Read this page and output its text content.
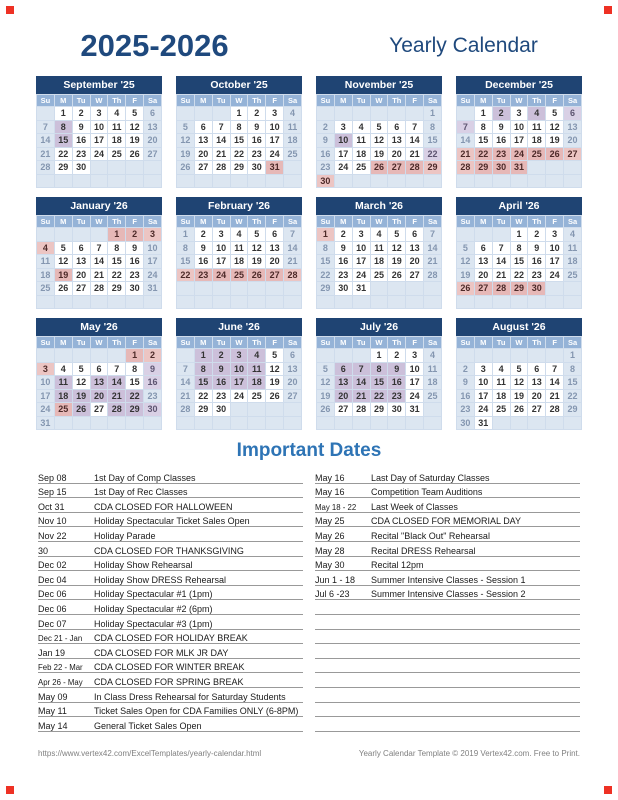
2025-2026	Yearly Calendar
September '25
Su	M	Tu	W	Th	F	Sa
	1	2	3	4	5	6
7	8	9	10	11	12	13
14	15	16	17	18	19	20
21	22	23	24	25	26	27
28	29	30				

October '25
Su	M	Tu	W	Th	F	Sa
			1	2	3	4
5	6	7	8	9	10	11
12	13	14	15	16	17	18
19	20	21	22	23	24	25
26	27	28	29	30	31	

November '25
Su	M	Tu	W	Th	F	Sa
						1
2	3	4	5	6	7	8
9	10	11	12	13	14	15
16	17	18	19	20	21	22
23	24	25	26	27	28	29
30						
December '25
Su	M	Tu	W	Th	F	Sa
	1	2	3	4	5	6
7	8	9	10	11	12	13
14	15	16	17	18	19	20
21	22	23	24	25	26	27
28	29	30	31			

January '26
Su	M	Tu	W	Th	F	Sa
				1	2	3
4	5	6	7	8	9	10
11	12	13	14	15	16	17
18	19	20	21	22	23	24
25	26	27	28	29	30	31

February '26
Su	M	Tu	W	Th	F	Sa
1	2	3	4	5	6	7
8	9	10	11	12	13	14
15	16	17	18	19	20	21
22	23	24	25	26	27	28

March '26
Su	M	Tu	W	Th	F	Sa
1	2	3	4	5	6	7
8	9	10	11	12	13	14
15	16	17	18	19	20	21
22	23	24	25	26	27	28
29	30	31				

April '26
Su	M	Tu	W	Th	F	Sa
			1	2	3	4
5	6	7	8	9	10	11
12	13	14	15	16	17	18
19	20	21	22	23	24	25
26	27	28	29	30		

May '26
Su	M	Tu	W	Th	F	Sa
					1	2
3	4	5	6	7	8	9
10	11	12	13	14	15	16
17	18	19	20	21	22	23
24	25	26	27	28	29	30
31						
June '26
Su	M	Tu	W	Th	F	Sa
	1	2	3	4	5	6
7	8	9	10	11	12	13
14	15	16	17	18	19	20
21	22	23	24	25	26	27
28	29	30				

July '26
Su	M	Tu	W	Th	F	Sa
			1	2	3	4
5	6	7	8	9	10	11
12	13	14	15	16	17	18
19	20	21	22	23	24	25
26	27	28	29	30	31	

August '26
Su	M	Tu	W	Th	F	Sa
						1
2	3	4	5	6	7	8
9	10	11	12	13	14	15
16	17	18	19	20	21	22
23	24	25	26	27	28	29
30	31					
Important Dates
Sep 08	1st Day of Comp Classes
Sep 15	1st Day of Rec Classes
Oct 31	CDA CLOSED FOR HALLOWEEN
Nov 10	Holiday Spectacular Ticket Sales Open
Nov 22	Holiday Parade
30	CDA CLOSED FOR THANKSGIVING
Dec 02	Holiday Show Rehearsal
Dec 04	Holiday Show DRESS Rehearsal
Dec 06	Holiday Spectacular #1 (1pm)
Dec 06	Holiday Spectacular #2 (6pm)
Dec 07	Holiday Spectacular #3 (1pm)
Dec 21 - Jan	CDA CLOSED FOR HOLIDAY BREAK
Jan 19	CDA CLOSED FOR MLK JR DAY
Feb 22 - Mar	CDA CLOSED FOR WINTER BREAK
Apr 26 - May	CDA CLOSED FOR SPRING BREAK
May 09	In Class Dress Rehearsal for Saturday Students
May 11	Ticket Sales Open for CDA Families ONLY (6-8PM)
May 14	General Ticket Sales Open
May 16	Last Day of Saturday Classes
May 16	Competition Team Auditions
May 18 - 22	Last Week of Classes
May 25	CDA CLOSED FOR MEMORIAL DAY
May 26	Recital "Black Out" Rehearsal
May 28	Recital DRESS Rehearsal
May 30	Recital 12pm
Jun 1 - 18	Summer Intensive Classes - Session 1
Jul 6 -23	Summer Intensive Classes - Session 2
https://www.vertex42.com/ExcelTemplates/yearly-calendar.html	Yearly Calendar Template © 2019 Vertex42.com. Free to Print.
